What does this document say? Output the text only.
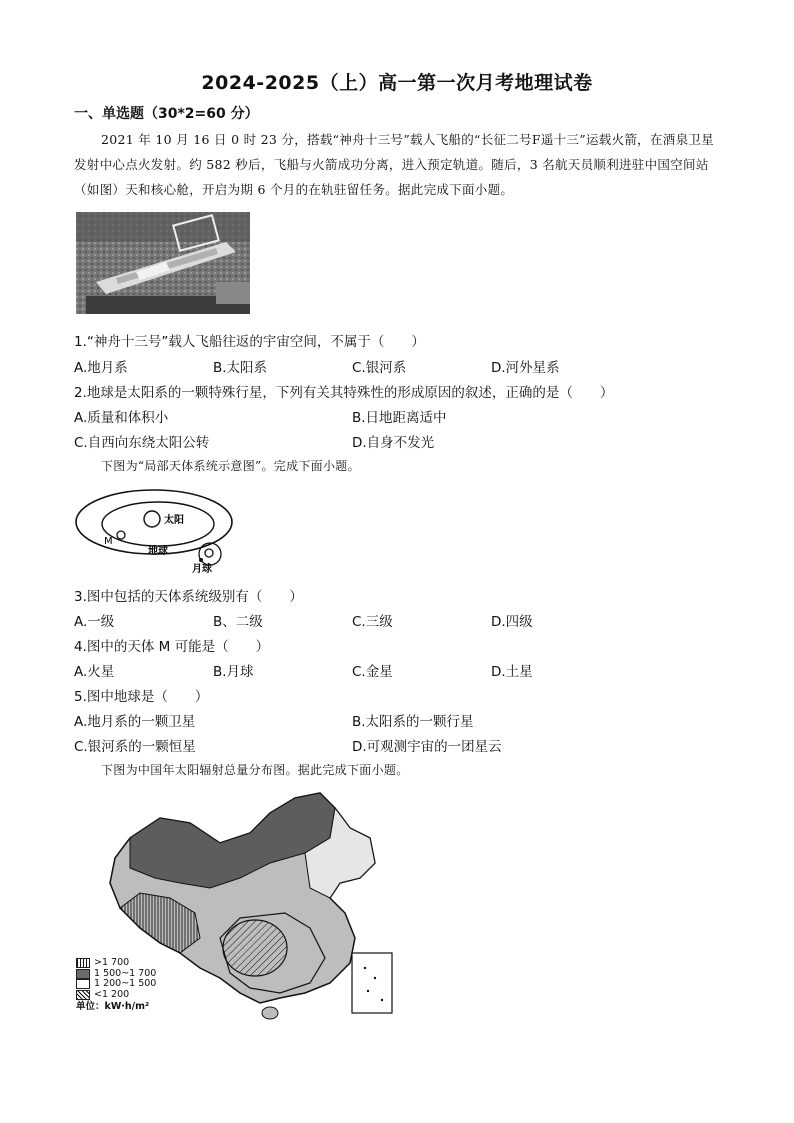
2024-2025（上）高一第一次月考地理试卷
一、单选题（30*2=60 分）
2021 年 10 月 16 日 0 时 23 分，搭载“神舟十三号”载人飞船的“长征二号F遥十三”运载火箭，在酒泉卫星发射中心点火发射。约 582 秒后，飞船与火箭成功分离，进入预定轨道。随后，3 名航天员顺利进驻中国空间站（如图）天和核心舱，开启为期 6 个月的在轨驻留任务。据此完成下面小题。
1.“神舟十三号”载人飞船往返的宇宙空间，不属于（　　）
A.地月系	B.太阳系	C.银河系	D.河外星系
2.地球是太阳系的一颗特殊行星，下列有关其特殊性的形成原因的叙述，正确的是（　　）
A.质量和体积小	B.日地距离适中
C.自西向东绕太阳公转	D.自身不发光
下图为“局部天体系统示意图”。完成下面小题。
太阳
M
地球
月球
3.图中包括的天体系统级别有（　　）
A.一级	B、二级	C.三级	D.四级
4.图中的天体 M 可能是（　　）
A.火星	B.月球	C.金星	D.土星
5.图中地球是（　　）
A.地月系的一颗卫星	B.太阳系的一颗行星
C.银河系的一颗恒星	D.可观测宇宙的一团星云
下图为中国年太阳辐射总量分布图。据此完成下面小题。
>1 700
1 500~1 700
1 200~1 500
<1 200
单位：kW·h/m²
